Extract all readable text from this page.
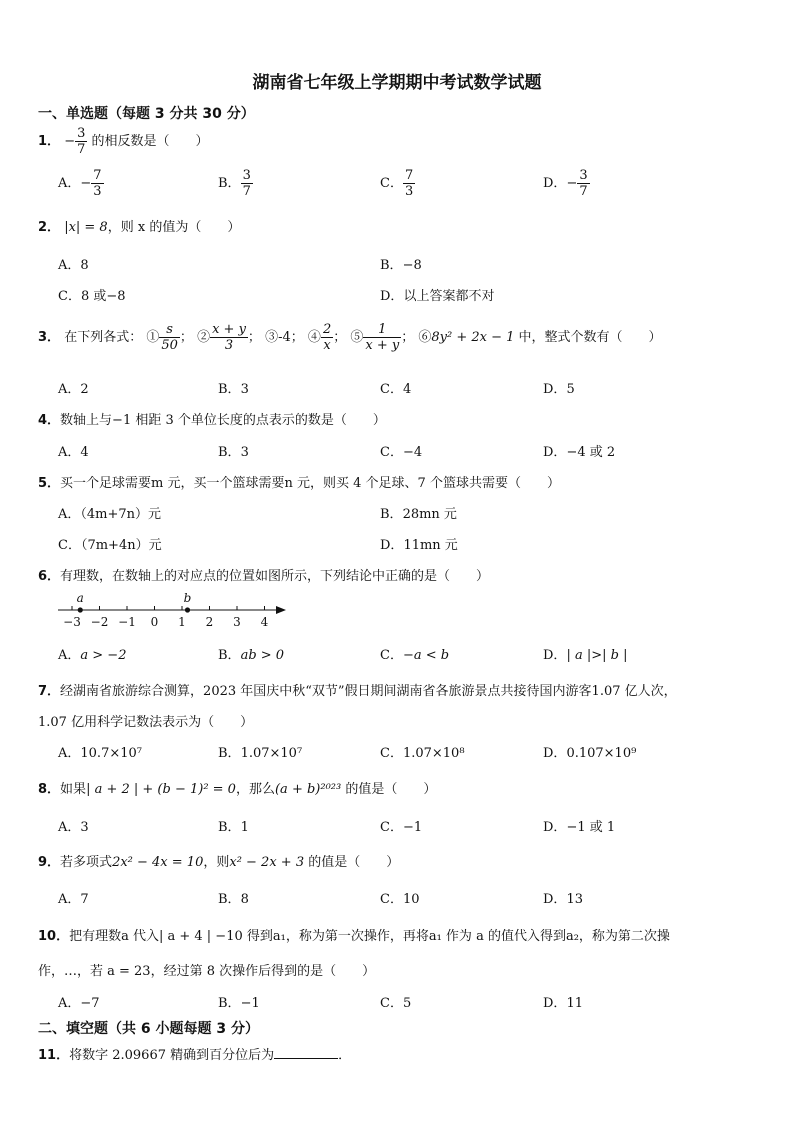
湖南省七年级上学期期中考试数学试题
一、单选题（每题 3 分共 30 分）
1． − $\frac{3}{7}$ 的相反数是（　　）
A．− $\frac{7}{3}$	B． $\frac{3}{7}$	C． $\frac{7}{3}$	D．− $\frac{3}{7}$
2． |x| = 8，则 x 的值为（　　）
A．8	B．−8
C．8 或−8	D．以上答案都不对
3． 在下列各式： ① $\frac{s}{50}$ ； ② $\frac{x + y}{3}$ ； ③-4； ④ $\frac{2}{x}$ ； ⑤ $\frac{1}{x + y}$ ； ⑥8y² + 2x − 1 中，整式个数有（　　）
A．2	B．3	C．4	D．5
4．数轴上与−1 相距 3 个单位长度的点表示的数是（　　）
A．4	B．3	C．−4	D．−4 或 2
5．买一个足球需要m 元，买一个篮球需要n 元，则买 4 个足球、7 个篮球共需要（　　）
A．（4m+7n）元	B．28mn 元
C．（7m+4n）元	D．11mn 元
6．有理数，在数轴上的对应点的位置如图所示，下列结论中正确的是（　　）
−3 −2 −1 0 1 2 3 4
a	b
A．a > −2	B．ab > 0	C．−a < b	D．| a |>| b |
7．经湖南省旅游综合测算，2023 年国庆中秋“双节”假日期间湖南省各旅游景点共接待国内游客1.07 亿人次，
1.07 亿用科学记数法表示为（　　）
A．10.7×10⁷	B．1.07×10⁷	C．1.07×10⁸	D．0.107×10⁹
8．如果| a + 2 | + (b − 1)² = 0，那么(a + b)²⁰²³ 的值是（　　）
A．3	B．1	C．−1	D．−1 或 1
9．若多项式2x² − 4x = 10，则x² − 2x + 3 的值是（　　）
A．7	B．8	C．10	D．13
10．把有理数a 代入| a + 4 | −10 得到a₁，称为第一次操作，再将a₁ 作为 a 的值代入得到a₂，称为第二次操
作，…，若 a = 23，经过第 8 次操作后得到的是（　　）
A．−7	B．−1	C．5	D．11
二、填空题（共 6 小题每题 3 分）
11．将数字 2.09667 精确到百分位后为	．
